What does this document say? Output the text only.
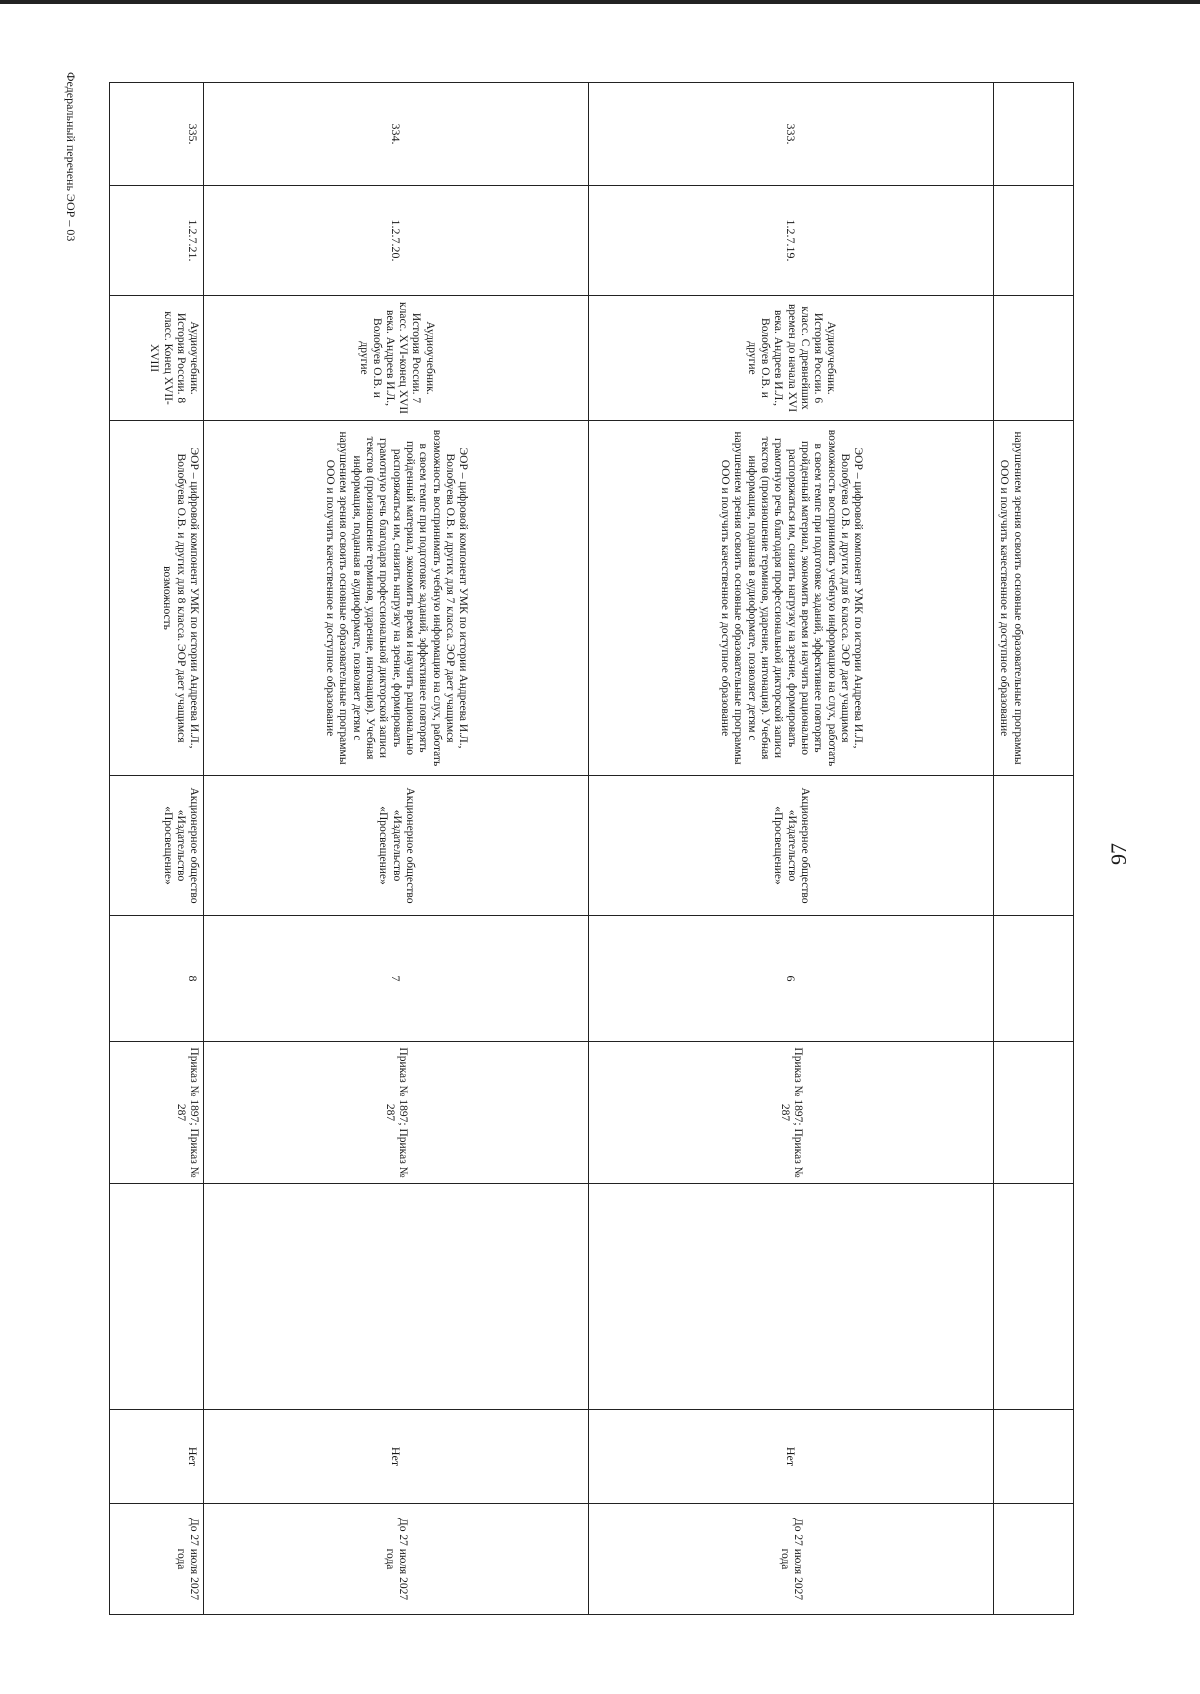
97
Федеральный перечень ЭОР – 03
			нарушением зрения освоить основные образовательные программы ООО и получить качественное и доступное образование						
333.	1.2.7.19.	Аудиоучебник. История России. 6 класс. С древнейших времен до начала XVI века. Андреев И.Л., Волобуев О.В. и другие	ЭОР – цифровой компонент УМК по истории Андреева И.Л., Волобуева О.В. и других для 6 класса. ЭОР дает учащимся возможность воспринимать учебную информацию на слух, работать в своем темпе при подготовке заданий, эффективнее повторять пройденный материал, экономить время и научить рационально распоряжаться им, снизить нагрузку на зрение, формировать грамотную речь благодаря профессиональной дикторской записи текстов (произношение терминов, ударение, интонация). Учебная информация, поданная в аудиоформате, позволяет детям с нарушением зрения освоить основные образовательные программы ООО и получить качественное и доступное образование	Акционерное общество «Издательство «Просвещение»	6	Приказ № 1897; Приказ № 287		Нет	До 27 июля 2027 года
334.	1.2.7.20.	Аудиоучебник. История России. 7 класс. XVI-конец XVII века. Андреев И.Л., Волобуев О.В. и другие	ЭОР – цифровой компонент УМК по истории Андреева И.Л., Волобуева О.В. и других для 7 класса. ЭОР дает учащимся возможность воспринимать учебную информацию на слух, работать в своем темпе при подготовке заданий, эффективнее повторять пройденный материал, экономить время и научить рационально распоряжаться им, снизить нагрузку на зрение, формировать грамотную речь благодаря профессиональной дикторской записи текстов (произношение терминов, ударение, интонация). Учебная информация, поданная в аудиоформате, позволяет детям с нарушением зрения освоить основные образовательные программы ООО и получить качественное и доступное образование	Акционерное общество «Издательство «Просвещение»	7	Приказ № 1897; Приказ № 287		Нет	До 27 июля 2027 года
335.	1.2.7.21.	Аудиоучебник. История России. 8 класс. Конец XVII-XVIII	ЭОР – цифровой компонент УМК по истории Андреева И.Л., Волобуева О.В. и других для 8 класса. ЭОР дает учащимся возможность	Акционерное общество «Издательство «Просвещение»	8	Приказ № 1897; Приказ № 287		Нет	До 27 июля 2027 года
